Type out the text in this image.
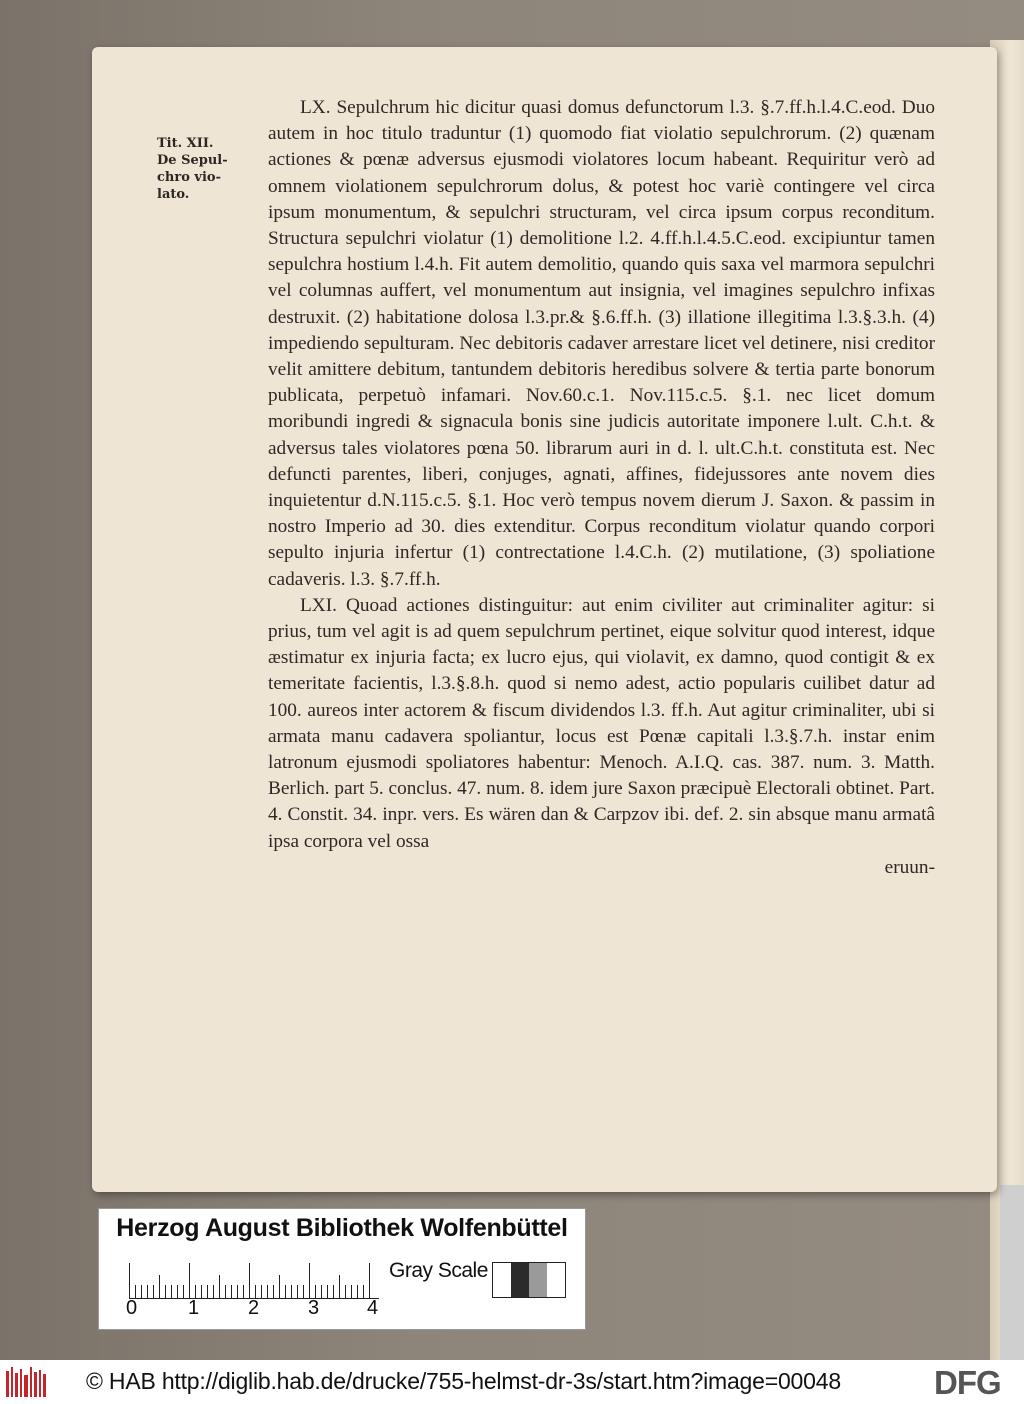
Tit. XII.
De Sepul-
chro vio-
lato.

LX. Sepulchrum hic dicitur quasi domus defunctorum l.3. §.7.ff.h.l.4.C.eod. Duo autem in hoc titulo traduntur (1) quomodo fiat violatio sepulchrorum. (2) quænam actiones & pœnæ adversus ejusmodi violatores locum habeant. Requiritur verò ad omnem violationem sepulchrorum dolus, & potest hoc variè contingere vel circa ipsum monumentum, & sepulchri structuram, vel circa ipsum corpus reconditum. Structura sepulchri violatur (1) demolitione l.2. 4.ff.h.l.4.5.C.eod. excipiuntur tamen sepulchra hostium l.4.h. Fit autem demolitio, quando quis saxa vel marmora sepulchri vel columnas auffert, vel monumentum aut insignia, vel imagines sepulchro infixas destruxit. (2) habitatione dolosa l.3.pr.& §.6.ff.h. (3) illatione illegitima l.3.§.3.h. (4) impediendo sepulturam. Nec debitoris cadaver arrestare licet vel detinere, nisi creditor velit amittere debitum, tantundem debitoris heredibus solvere & tertia parte bonorum publicata, perpetuò infamari. Nov.60.c.1. Nov.115.c.5. §.1. nec licet domum moribundi ingredi & signacula bonis sine judicis autoritate imponere l.ult. C.h.t. & adversus tales violatores pœna 50. librarum auri in d. l. ult.C.h.t. constituta est. Nec defuncti parentes, liberi, conjuges, agnati, affines, fidejussores ante novem dies inquietentur d.N.115.c.5. §.1. Hoc verò tempus novem dierum J. Saxon. & passim in nostro Imperio ad 30. dies extenditur. Corpus reconditum violatur quando corpori sepulto injuria infertur (1) contrectatione l.4.C.h. (2) mutilatione, (3) spoliatione cadaveris. l.3. §.7.ff.h.

LXI. Quoad actiones distinguitur: aut enim civiliter aut criminaliter agitur: si prius, tum vel agit is ad quem sepulchrum pertinet, eique solvitur quod interest, idque æstimatur ex injuria facta; ex lucro ejus, qui violavit, ex damno, quod contigit & ex temeritate facientis, l.3.§.8.h. quod si nemo adest, actio popularis cuilibet datur ad 100. aureos inter actorem & fiscum dividendos l.3. ff.h. Aut agitur criminaliter, ubi si armata manu cadavera spoliantur, locus est Pœnæ capitali l.3.§.7.h. instar enim latronum ejusmodi spoliatores habentur: Menoch. A.I.Q. cas. 387. num. 3. Matth. Berlich. part 5. conclus. 47. num. 8. idem jure Saxon præcipuè Electorali obtinet. Part. 4. Constit. 34. inpr. vers. Es wären dan & Carpzov ibi. def. 2. sin absque manu armatâ ipsa corpora vel ossa

eruun-
Herzog August Bibliothek Wolfenbüttel
0	1 2 3 4
Gray Scale
© HAB http://diglib.hab.de/drucke/755-helmst-dr-3s/start.htm?image=00048	DFG
